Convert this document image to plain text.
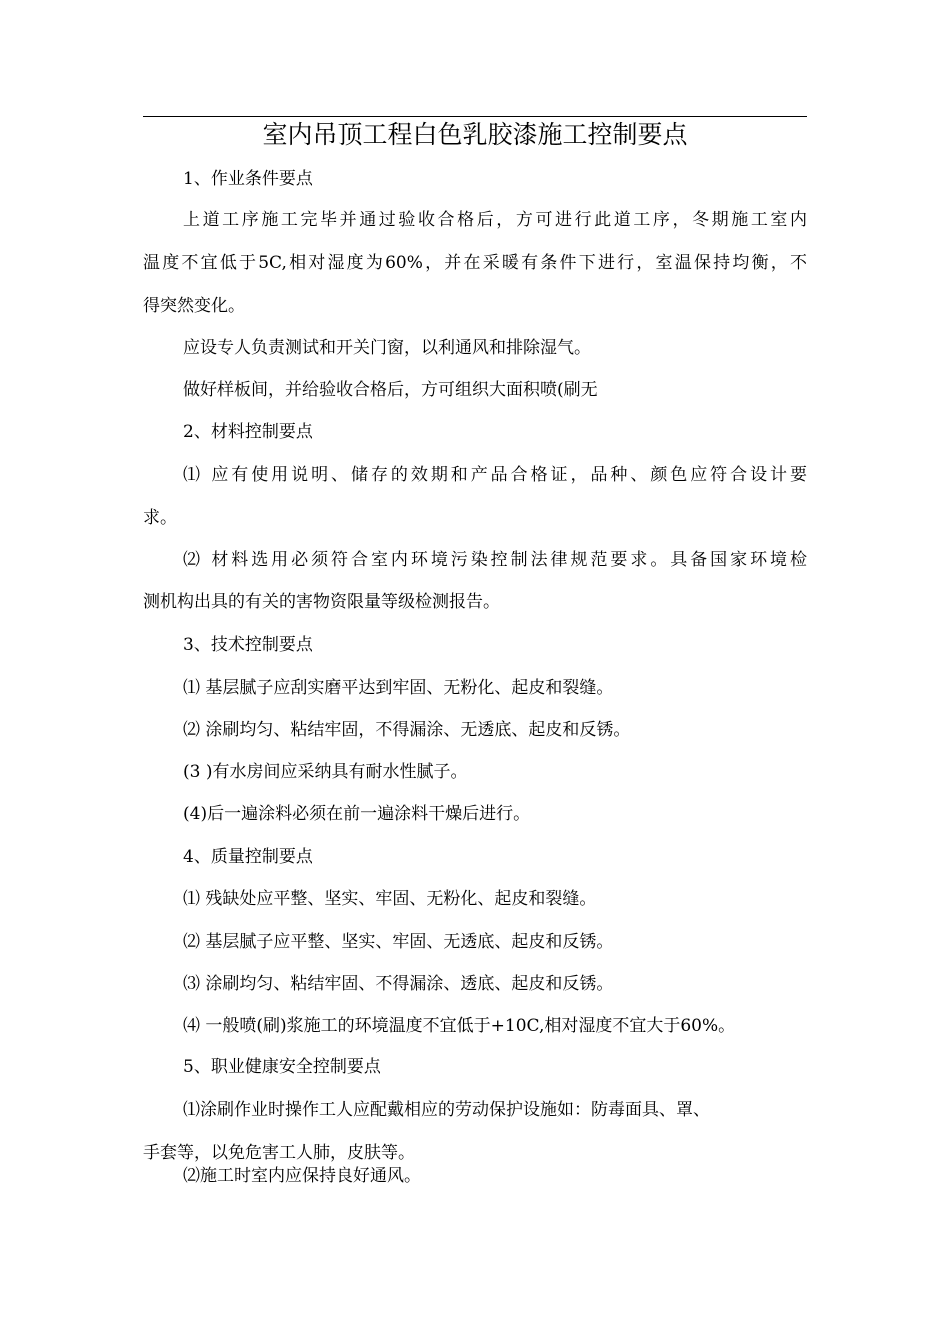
室内吊顶工程白色乳胶漆施工控制要点
1、作业条件要点
上道工序施工完毕并通过验收合格后，方可进行此道工序，冬期施工室内
温度不宜低于5C,相对湿度为60%，并在采暖有条件下进行，室温保持均衡，不
得突然变化。
应设专人负责测试和开关门窗，以利通风和排除湿气。
做好样板间，并给验收合格后，方可组织大面积喷(刷无
2、材料控制要点
⑴ 应有使用说明、储存的效期和产品合格证，品种、颜色应符合设计要
求。
⑵ 材料选用必须符合室内环境污染控制法律规范要求。具备国家环境检
测机构出具的有关的害物资限量等级检测报告。
3、技术控制要点
⑴ 基层腻子应刮实磨平达到牢固、无粉化、起皮和裂缝。
⑵ 涂刷均匀、粘结牢固，不得漏涂、无透底、起皮和反锈。
(3 )有水房间应采纳具有耐水性腻子。
(4)后一遍涂料必须在前一遍涂料干燥后进行。
4、质量控制要点
⑴ 残缺处应平整、坚实、牢固、无粉化、起皮和裂缝。
⑵ 基层腻子应平整、坚实、牢固、无透底、起皮和反锈。
⑶ 涂刷均匀、粘结牢固、不得漏涂、透底、起皮和反锈。
⑷ 一般喷(刷)浆施工的环境温度不宜低于+10C,相对湿度不宜大于60%。
5、职业健康安全控制要点
⑴涂刷作业时操作工人应配戴相应的劳动保护设施如：防毒面具、罩、
手套等，以免危害工人肺，皮肤等。
⑵施工时室内应保持良好通风。
